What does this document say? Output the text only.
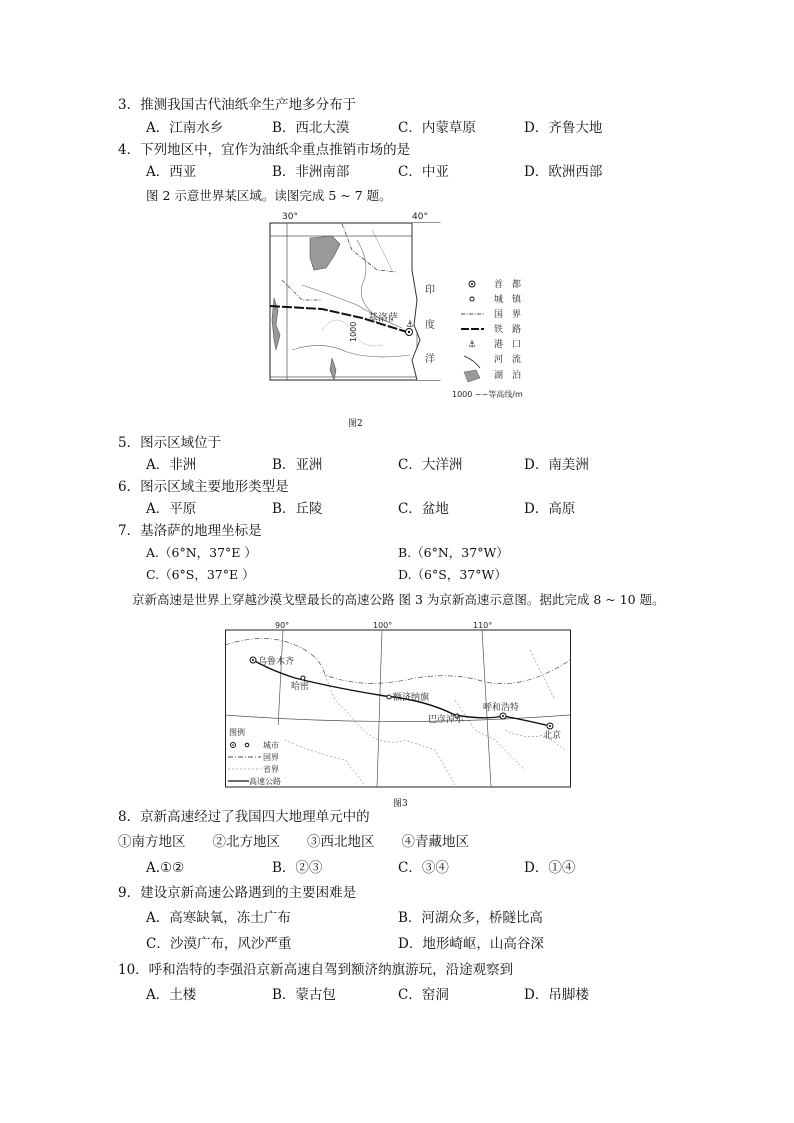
3．推测我国古代油纸伞生产地多分布于
A．江南水乡	B．西北大漠	C．内蒙草原	D．齐鲁大地
4．下列地区中，宜作为油纸伞重点推销市场的是
A．西亚	B．非洲南部	C．中亚	D．欧洲西部
图 2 示意世界某区域。读图完成 5 ~ 7 题。
30°	40°
印
度
洋
1000
基洛萨
⚓
首　都
城　镇
国　界
铁　路
⚓ 港　口
河　流
湖　泊
1000 ~~等高线/m
图2
5．图示区域位于
A．非洲	B．亚洲	C．大洋洲	D．南美洲
6．图示区域主要地形类型是
A．平原	B．丘陵	C．盆地	D．高原
7．基洛萨的地理坐标是
A.（6°N，37°E ）	B.（6°N，37°W）
C.（6°S，37°E ）	D.（6°S，37°W）
京新高速是世界上穿越沙漠戈壁最长的高速公路 图 3 为京新高速示意图。据此完成 8 ~ 10 题。
90°	100°	110°
乌鲁木齐
哈密
额济纳旗
巴彦淖尔
呼和浩特
北京
图例
城市
国界
省界
高速公路
图3
8．京新高速经过了我国四大地理单元中的
①南方地区　　②北方地区　　③西北地区　　④青藏地区
A.①②	B．②③	C．③④	D．①④
9．建设京新高速公路遇到的主要困难是
A．高寒缺氧，冻土广布	B．河湖众多，桥隧比高
C．沙漠广布，风沙严重	D．地形崎岖，山高谷深
10．呼和浩特的李强沿京新高速自驾到额济纳旗游玩，沿途观察到
A．土楼	B．蒙古包	C．窑洞	D．吊脚楼
